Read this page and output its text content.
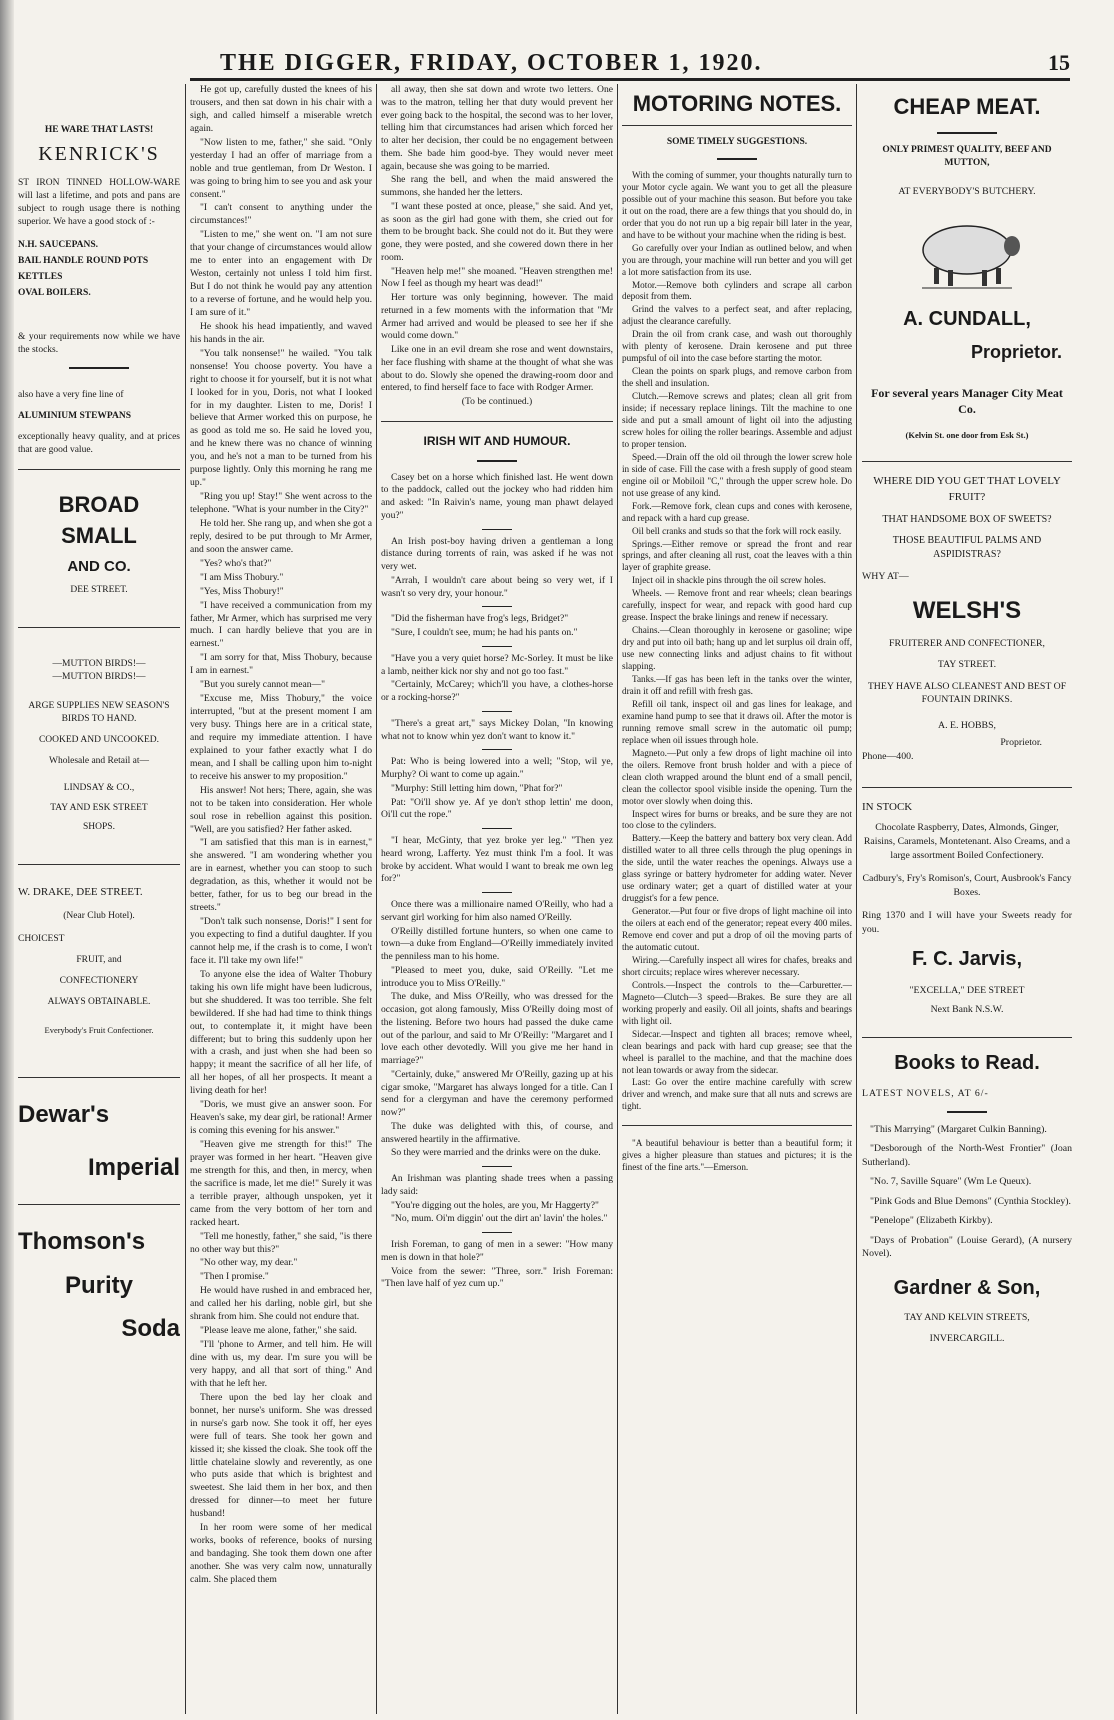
THE DIGGER, FRIDAY, OCTOBER 1, 1920.	15
HE WARE THAT LASTS!
KENRICK'S
ST IRON TINNED HOLLOW-WARE will last a lifetime, and pots and pans are subject to rough usage there is nothing superior. We have a good stock of :-
N.H. SAUCEPANS.
BAIL HANDLE ROUND POTS
KETTLES
OVAL BOILERS.
& your requirements now while we have the stocks.
also have a very fine line of
ALUMINIUM STEWPANS
exceptionally heavy quality, and at prices that are good value.
BROAD SMALL
AND CO.
DEE STREET.
—MUTTON BIRDS!—
—MUTTON BIRDS!—
ARGE SUPPLIES NEW SEASON'S BIRDS TO HAND.
COOKED AND UNCOOKED.
Wholesale and Retail at—
LINDSAY & CO.,
TAY AND ESK STREET
SHOPS.
W. DRAKE, DEE STREET.
(Near Club Hotel).
CHOICEST
FRUIT, and
CONFECTIONERY
ALWAYS OBTAINABLE.
Everybody's Fruit Confectioner.
Dewar's
Imperial
Thomson's
Purity
Soda

He got up, carefully dusted the knees of his trousers, and then sat down in his chair with a sigh, and called himself a miserable wretch again.

"Now listen to me, father," she said. "Only yesterday I had an offer of marriage from a noble and true gentleman, from Dr Weston. I was going to bring him to see you and ask your consent."

"I can't consent to anything under the circumstances!"

"Listen to me," she went on. "I am not sure that your change of circumstances would allow me to enter into an engagement with Dr Weston, certainly not unless I told him first. But I do not think he would pay any attention to a reverse of fortune, and he would help you. I am sure of it."

He shook his head impatiently, and waved his hands in the air.

"You talk nonsense!" he wailed. "You talk nonsense! You choose poverty. You have a right to choose it for yourself, but it is not what I looked for in you, Doris, not what I looked for in my daughter. Listen to me, Doris! I believe that Armer worked this on purpose, he as good as told me so. He said he loved you, and he knew there was no chance of winning you, and he's not a man to be turned from his purpose lightly. Only this morning he rang me up."

"Ring you up! Stay!" She went across to the telephone. "What is your number in the City?"

He told her. She rang up, and when she got a reply, desired to be put through to Mr Armer, and soon the answer came.

"Yes? who's that?"

"I am Miss Thobury."

"Yes, Miss Thobury!"

"I have received a communication from my father, Mr Armer, which has surprised me very much. I can hardly believe that you are in earnest."

"I am sorry for that, Miss Thobury, because I am in earnest."

"But you surely cannot mean—"

"Excuse me, Miss Thobury," the voice interrupted, "but at the present moment I am very busy. Things here are in a critical state, and require my immediate attention. I have explained to your father exactly what I do mean, and I shall be calling upon him to-night to receive his answer to my proposition."

His answer! Not hers; There, again, she was not to be taken into consideration. Her whole soul rose in rebellion against this position. "Well, are you satisfied? Her father asked.

"I am satisfied that this man is in earnest," she answered. "I am wondering whether you are in earnest, whether you can stoop to such degradation, as this, whether it would not be better, father, for us to beg our bread in the streets."

"Don't talk such nonsense, Doris!" I sent for you expecting to find a dutiful daughter. If you cannot help me, if the crash is to come, I won't face it. I'll take my own life!"

To anyone else the idea of Walter Thobury taking his own life might have been ludicrous, but she shuddered. It was too terrible. She felt bewildered. If she had had time to think things out, to contemplate it, it might have been different; but to bring this suddenly upon her with a crash, and just when she had been so happy; it meant the sacrifice of all her life, of all her hopes, of all her prospects. It meant a living death for her!

"Doris, we must give an answer soon. For Heaven's sake, my dear girl, be rational! Armer is coming this evening for his answer."

"Heaven give me strength for this!" The prayer was formed in her heart. "Heaven give me strength for this, and then, in mercy, when the sacrifice is made, let me die!" Surely it was a terrible prayer, although unspoken, yet it came from the very bottom of her torn and racked heart.

"Tell me honestly, father," she said, "is there no other way but this?"

"No other way, my dear."

"Then I promise."

He would have rushed in and embraced her, and called her his darling, noble girl, but she shrank from him. She could not endure that.

"Please leave me alone, father," she said.

"I'll 'phone to Armer, and tell him. He will dine with us, my dear. I'm sure you will be very happy, and all that sort of thing." And with that he left her.

There upon the bed lay her cloak and bonnet, her nurse's uniform. She was dressed in nurse's garb now. She took it off, her eyes were full of tears. She took her gown and kissed it; she kissed the cloak. She took off the little chatelaine slowly and reverently, as one who puts aside that which is brightest and sweetest. She laid them in her box, and then dressed for dinner—to meet her future husband!

In her room were some of her medical works, books of reference, books of nursing and bandaging. She took them down one after another. She was very calm now, unnaturally calm. She placed them

all away, then she sat down and wrote two letters. One was to the matron, telling her that duty would prevent her ever going back to the hospital, the second was to her lover, telling him that circumstances had arisen which forced her to alter her decision, ther could be no engagement between them. She bade him good-bye. They would never meet again, because she was going to be married.

She rang the bell, and when the maid answered the summons, she handed her the letters.

"I want these posted at once, please," she said. And yet, as soon as the girl had gone with them, she cried out for them to be brought back. She could not do it. But they were gone, they were posted, and she cowered down there in her room.

"Heaven help me!" she moaned. "Heaven strengthen me! Now I feel as though my heart was dead!"

Her torture was only beginning, however. The maid returned in a few moments with the information that "Mr Armer had arrived and would be pleased to see her if she would come down."

Like one in an evil dream she rose and went downstairs, her face flushing with shame at the thought of what she was about to do. Slowly she opened the drawing-room door and entered, to find herself face to face with Rodger Armer.

(To be continued.)
IRISH WIT AND HUMOUR.

Casey bet on a horse which finished last. He went down to the paddock, called out the jockey who had ridden him and asked: "In Raivin's name, young man phawt delayed you?"

An Irish post-boy having driven a gentleman a long distance during torrents of rain, was asked if he was not very wet.

"Arrah, I wouldn't care about being so very wet, if I wasn't so very dry, your honour."

"Did the fisherman have frog's legs, Bridget?"

"Sure, I couldn't see, mum; he had his pants on."

"Have you a very quiet horse? Mc-Sorley. It must be like a lamb, neither kick nor shy and not go too fast."

"Certainly, McCarey; which'll you have, a clothes-horse or a rocking-horse?"

"There's a great art," says Mickey Dolan, "In knowing what not to know whin yez don't want to know it."

Pat: Who is being lowered into a well; "Stop, wil ye, Murphy? Oi want to come up again."

"Murphy: Still letting him down, "Phat for?"

Pat: "Oi'll show ye. Af ye don't sthop lettin' me doon, Oi'll cut the rope."

"I hear, McGinty, that yez broke yer leg." "Then yez heard wrong, Lafferty. Yez must think I'm a fool. It was broke by accident. What would I want to break me own leg for?"

Once there was a millionaire named O'Reilly, who had a servant girl working for him also named O'Reilly.

O'Reilly distilled fortune hunters, so when one came to town—a duke from England—O'Reilly immediately invited the penniless man to his home.

"Pleased to meet you, duke, said O'Reilly. "Let me introduce you to Miss O'Reilly."

The duke, and Miss O'Reilly, who was dressed for the occasion, got along famously, Miss O'Reilly doing most of the listening. Before two hours had passed the duke came out of the parlour, and said to Mr O'Reilly: "Margaret and I love each other devotedly. Will you give me her hand in marriage?"

"Certainly, duke," answered Mr O'Reilly, gazing up at his cigar smoke, "Margaret has always longed for a title. Can I send for a clergyman and have the ceremony performed now?"

The duke was delighted with this, of course, and answered heartily in the affirmative.

So they were married and the drinks were on the duke.

An Irishman was planting shade trees when a passing lady said:

"You're digging out the holes, are you, Mr Haggerty?"

"No, mum. Oi'm diggin' out the dirt an' lavin' the holes."

Irish Foreman, to gang of men in a sewer: "How many men is down in that hole?"

Voice from the sewer: "Three, sorr." Irish Foreman: "Then lave half of yez cum up."

MOTORING NOTES.
SOME TIMELY SUGGESTIONS.

With the coming of summer, your thoughts naturally turn to your Motor cycle again. We want you to get all the pleasure possible out of your machine this season. But before you take it out on the road, there are a few things that you should do, in order that you do not run up a big repair bill later in the year, and have to be without your machine when the riding is best.

Go carefully over your Indian as outlined below, and when you are through, your machine will run better and you will get a lot more satisfaction from its use.

Motor.—Remove both cylinders and scrape all carbon deposit from them.

Grind the valves to a perfect seat, and after replacing, adjust the clearance carefully.

Drain the oil from crank case, and wash out thoroughly with plenty of kerosene. Drain kerosene and put three pumpsful of oil into the case before starting the motor.

Clean the points on spark plugs, and remove carbon from the shell and insulation.

Clutch.—Remove screws and plates; clean all grit from inside; if necessary replace linings. Tilt the machine to one side and put a small amount of light oil into the adjusting screw holes for oiling the roller bearings. Assemble and adjust to proper tension.

Speed.—Drain off the old oil through the lower screw hole in side of case. Fill the case with a fresh supply of good steam engine oil or Mobiloil "C," through the upper screw hole. Do not use grease of any kind.

Fork.—Remove fork, clean cups and cones with kerosene, and repack with a hard cup grease.

Oil bell cranks and studs so that the fork will rock easily.

Springs.—Either remove or spread the front and rear springs, and after cleaning all rust, coat the leaves with a thin layer of graphite grease.

Inject oil in shackle pins through the oil screw holes.

Wheels. — Remove front and rear wheels; clean bearings carefully, inspect for wear, and repack with good hard cup grease. Inspect the brake linings and renew if necessary.

Chains.—Clean thoroughly in kerosene or gasoline; wipe dry and put into oil bath; hang up and let surplus oil drain off, use new connecting links and adjust chains to fit without slapping.

Tanks.—If gas has been left in the tanks over the winter, drain it off and refill with fresh gas.

Refill oil tank, inspect oil and gas lines for leakage, and examine hand pump to see that it draws oil. After the motor is running remove small screw in the automatic oil pump; replace when oil issues through hole.

Magneto.—Put only a few drops of light machine oil into the oilers. Remove front brush holder and with a piece of clean cloth wrapped around the blunt end of a small pencil, clean the collector spool visible inside the opening. Turn the motor over slowly when doing this.

Inspect wires for burns or breaks, and be sure they are not too close to the cylinders.

Battery.—Keep the battery and battery box very clean. Add distilled water to all three cells through the plug openings in the side, until the water reaches the openings. Always use a glass syringe or battery hydrometer for adding water. Never use ordinary water; get a quart of distilled water at your druggist's for a few pence.

Generator.—Put four or five drops of light machine oil into the oilers at each end of the generator; repeat every 400 miles. Remove end cover and put a drop of oil the moving parts of the automatic cutout.

Wiring.—Carefully inspect all wires for chafes, breaks and short circuits; replace wires wherever necessary.

Controls.—Inspect the controls to the—Carburetter.—Magneto—Clutch—3 speed—Brakes. Be sure they are all working properly and easily. Oil all joints, shafts and bearings with light oil.

Sidecar.—Inspect and tighten all braces; remove wheel, clean bearings and pack with hard cup grease; see that the wheel is parallel to the machine, and that the machine does not lean towards or away from the sidecar.

Last: Go over the entire machine carefully with screw driver and wrench, and make sure that all nuts and screws are tight.

"A beautiful behaviour is better than a beautiful form; it gives a higher pleasure than statues and pictures; it is the finest of the fine arts."—Emerson.

CHEAP MEAT.
ONLY PRIMEST QUALITY, BEEF AND MUTTON,
AT EVERYBODY'S BUTCHERY.
A. CUNDALL,
Proprietor.
For several years Manager City Meat Co.
(Kelvin St. one door from Esk St.)
WHERE DID YOU GET THAT LOVELY FRUIT?
THAT HANDSOME BOX OF SWEETS?
THOSE BEAUTIFUL PALMS AND ASPIDISTRAS?
WHY AT—
WELSH'S
FRUITERER AND CONFECTIONER,
TAY STREET.
THEY HAVE ALSO CLEANEST AND BEST OF FOUNTAIN DRINKS.
A. E. HOBBS,
Proprietor.
Phone—400.
IN STOCK
Chocolate Raspberry, Dates, Almonds, Ginger, Raisins, Caramels, Montetenant. Also Creams, and a large assortment Boiled Confectionery.
Cadbury's, Fry's Romison's, Court, Ausbrook's Fancy Boxes.
Ring 1370 and I will have your Sweets ready for you.
F. C. Jarvis,
"EXCELLA," DEE STREET
Next Bank N.S.W.
Books to Read.
LATEST NOVELS, AT 6/-
"This Marrying" (Margaret Culkin Banning).
"Desborough of the North-West Frontier" (Joan Sutherland).
"No. 7, Saville Square" (Wm Le Queux).
"Pink Gods and Blue Demons" (Cynthia Stockley).
"Penelope" (Elizabeth Kirkby).
"Days of Probation" (Louise Gerard), (A nursery Novel).
Gardner & Son,
TAY AND KELVIN STREETS,
INVERCARGILL.
